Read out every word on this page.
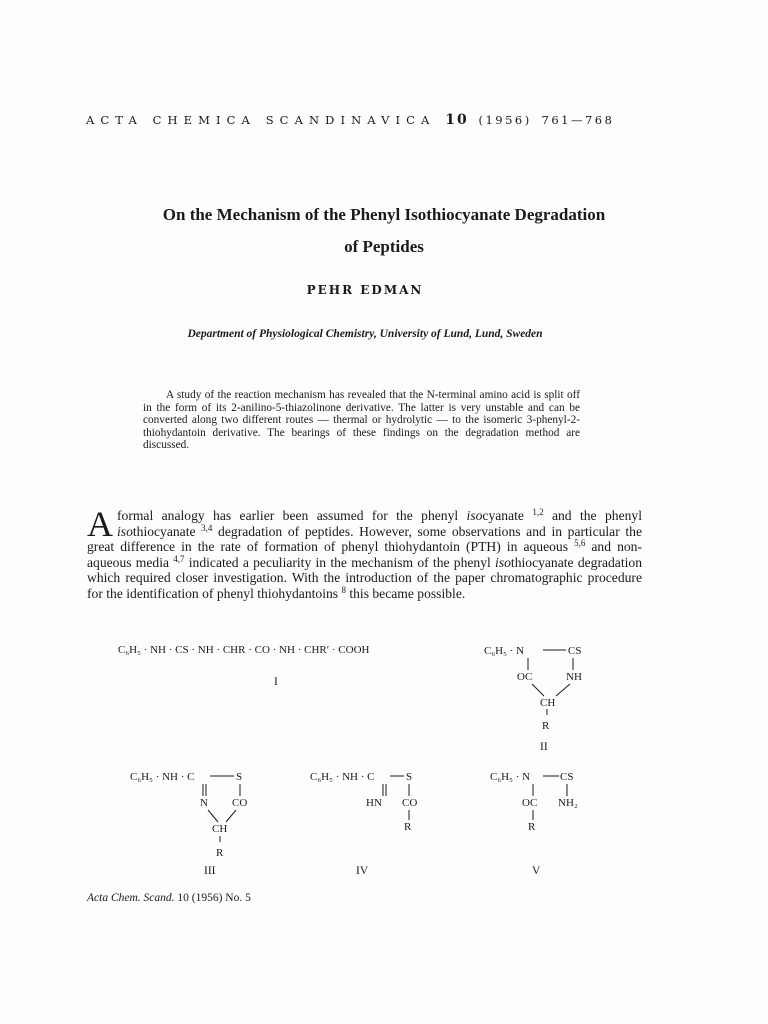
ACTA CHEMICA SCANDINAVICA 10 (1956) 761—768
On the Mechanism of the Phenyl Isothiocyanate Degradation
of Peptides
PEHR EDMAN
Department of Physiological Chemistry, University of Lund, Lund, Sweden
A study of the reaction mechanism has revealed that the N-terminal amino acid is split off in the form of its 2-anilino-5-thiazolinone derivative. The latter is very unstable and can be converted along two different routes — thermal or hydrolytic — to the isomeric 3-phenyl-2-thiohydantoin derivative. The bearings of these findings on the degradation method are discussed.
A formal analogy has earlier been assumed for the phenyl isocyanate $^{1,2}$ and the phenyl isothiocyanate $^{3,4}$ degradation of peptides. However, some observations and in particular the great difference in the rate of formation of phenyl thiohydantoin (PTH) in aqueous $^{5,6}$ and non-aqueous media $^{4,7}$ indicated a peculiarity in the mechanism of the phenyl isothiocyanate degradation which required closer investigation. With the introduction of the paper chromatographic procedure for the identification of phenyl thiohydantoins $^8$ this became possible.
C₆H₅ · NH · CS · NH · CHR · CO · NH · CHR′ · COOH
I
C₆H₅ · N	CS
OC	NH
CH
R
II
C₆H₅ · NH · C	S
N CO
CH
R
III
C₆H₅ · NH · C	S
HN CO
R
IV
C₆H₅ · N	CS
OC NH₂
R
V
Acta Chem. Scand. 10 (1956) No. 5
